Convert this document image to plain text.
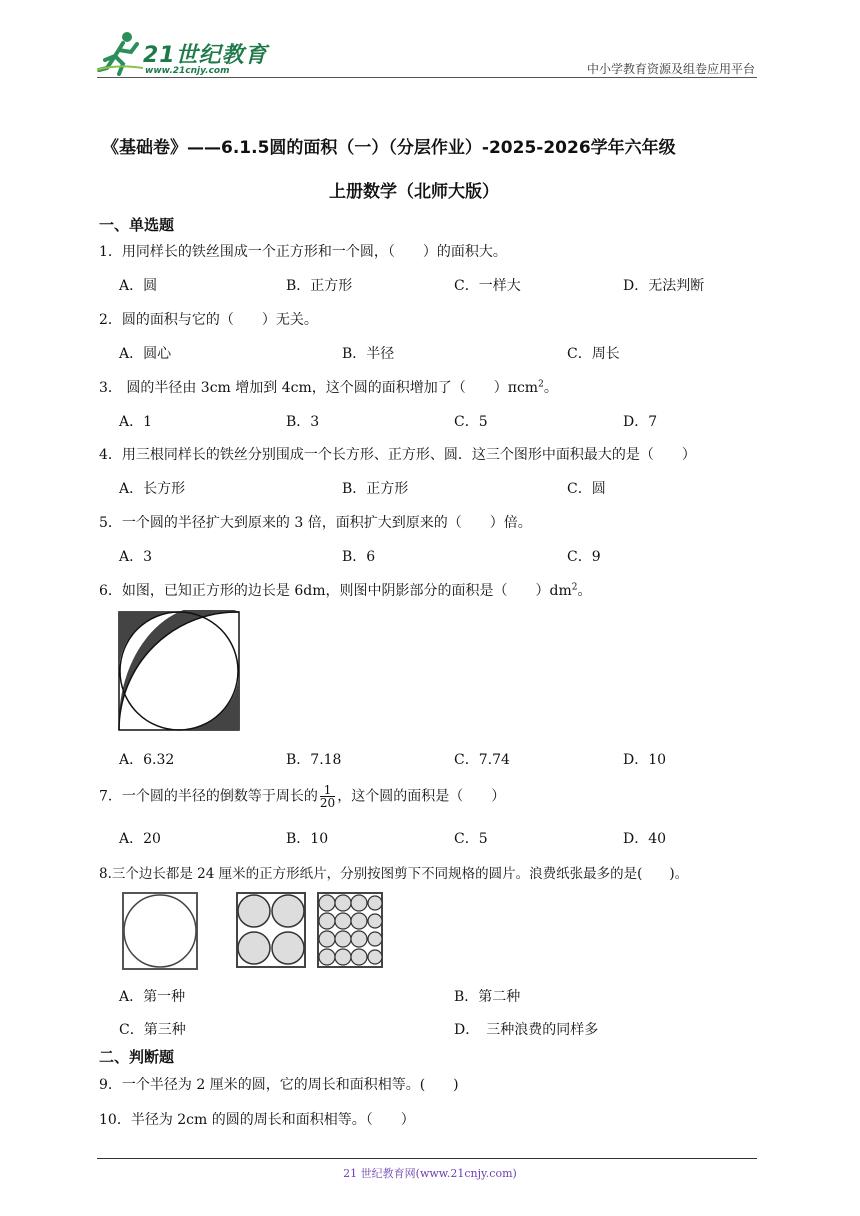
21世纪教育
www.21cnjy.com	中小学教育资源及组卷应用平台
《基础卷》——6.1.5圆的面积（一）（分层作业）-2025-2026学年六年级
上册数学（北师大版）
一、单选题
1．用同样长的铁丝围成一个正方形和一个圆，（　　）的面积大。
A．圆	B．正方形	C．一样大	D．无法判断
2．圆的面积与它的（　　）无关。
A．圆心	B．半径	C．周长
3． 圆的半径由 3cm 增加到 4cm，这个圆的面积增加了（　　）πcm$^2$。
A．1	B．3	C．5	D．7
4．用三根同样长的铁丝分别围成一个长方形、正方形、圆．这三个图形中面积最大的是（　　）
A．长方形	B．正方形	C．圆
5．一个圆的半径扩大到原来的 3 倍，面积扩大到原来的（　　）倍。
A．3	B．6	C．9
6．如图，已知正方形的边长是 6dm，则图中阴影部分的面积是（　　）$dm^2$。
A．6.32	B．7.18	C．7.74	D．10
7．一个圆的半径的倒数等于周长的 $\frac{1}{20}$ ，这个圆的面积是（　　）
A．20	B．10	C．5	D．40
8.三个边长都是 24 厘米的正方形纸片，分别按图剪下不同规格的圆片。浪费纸张最多的是(　　)。
A．第一种	B．第二种
C．第三种	D．　三种浪费的同样多
二、判断题
9．一个半径为 2 厘米的圆，它的周长和面积相等。(　　)
10．半径为 2cm 的圆的周长和面积相等。（　　）
21 世纪教育网(www.21cnjy.com)
